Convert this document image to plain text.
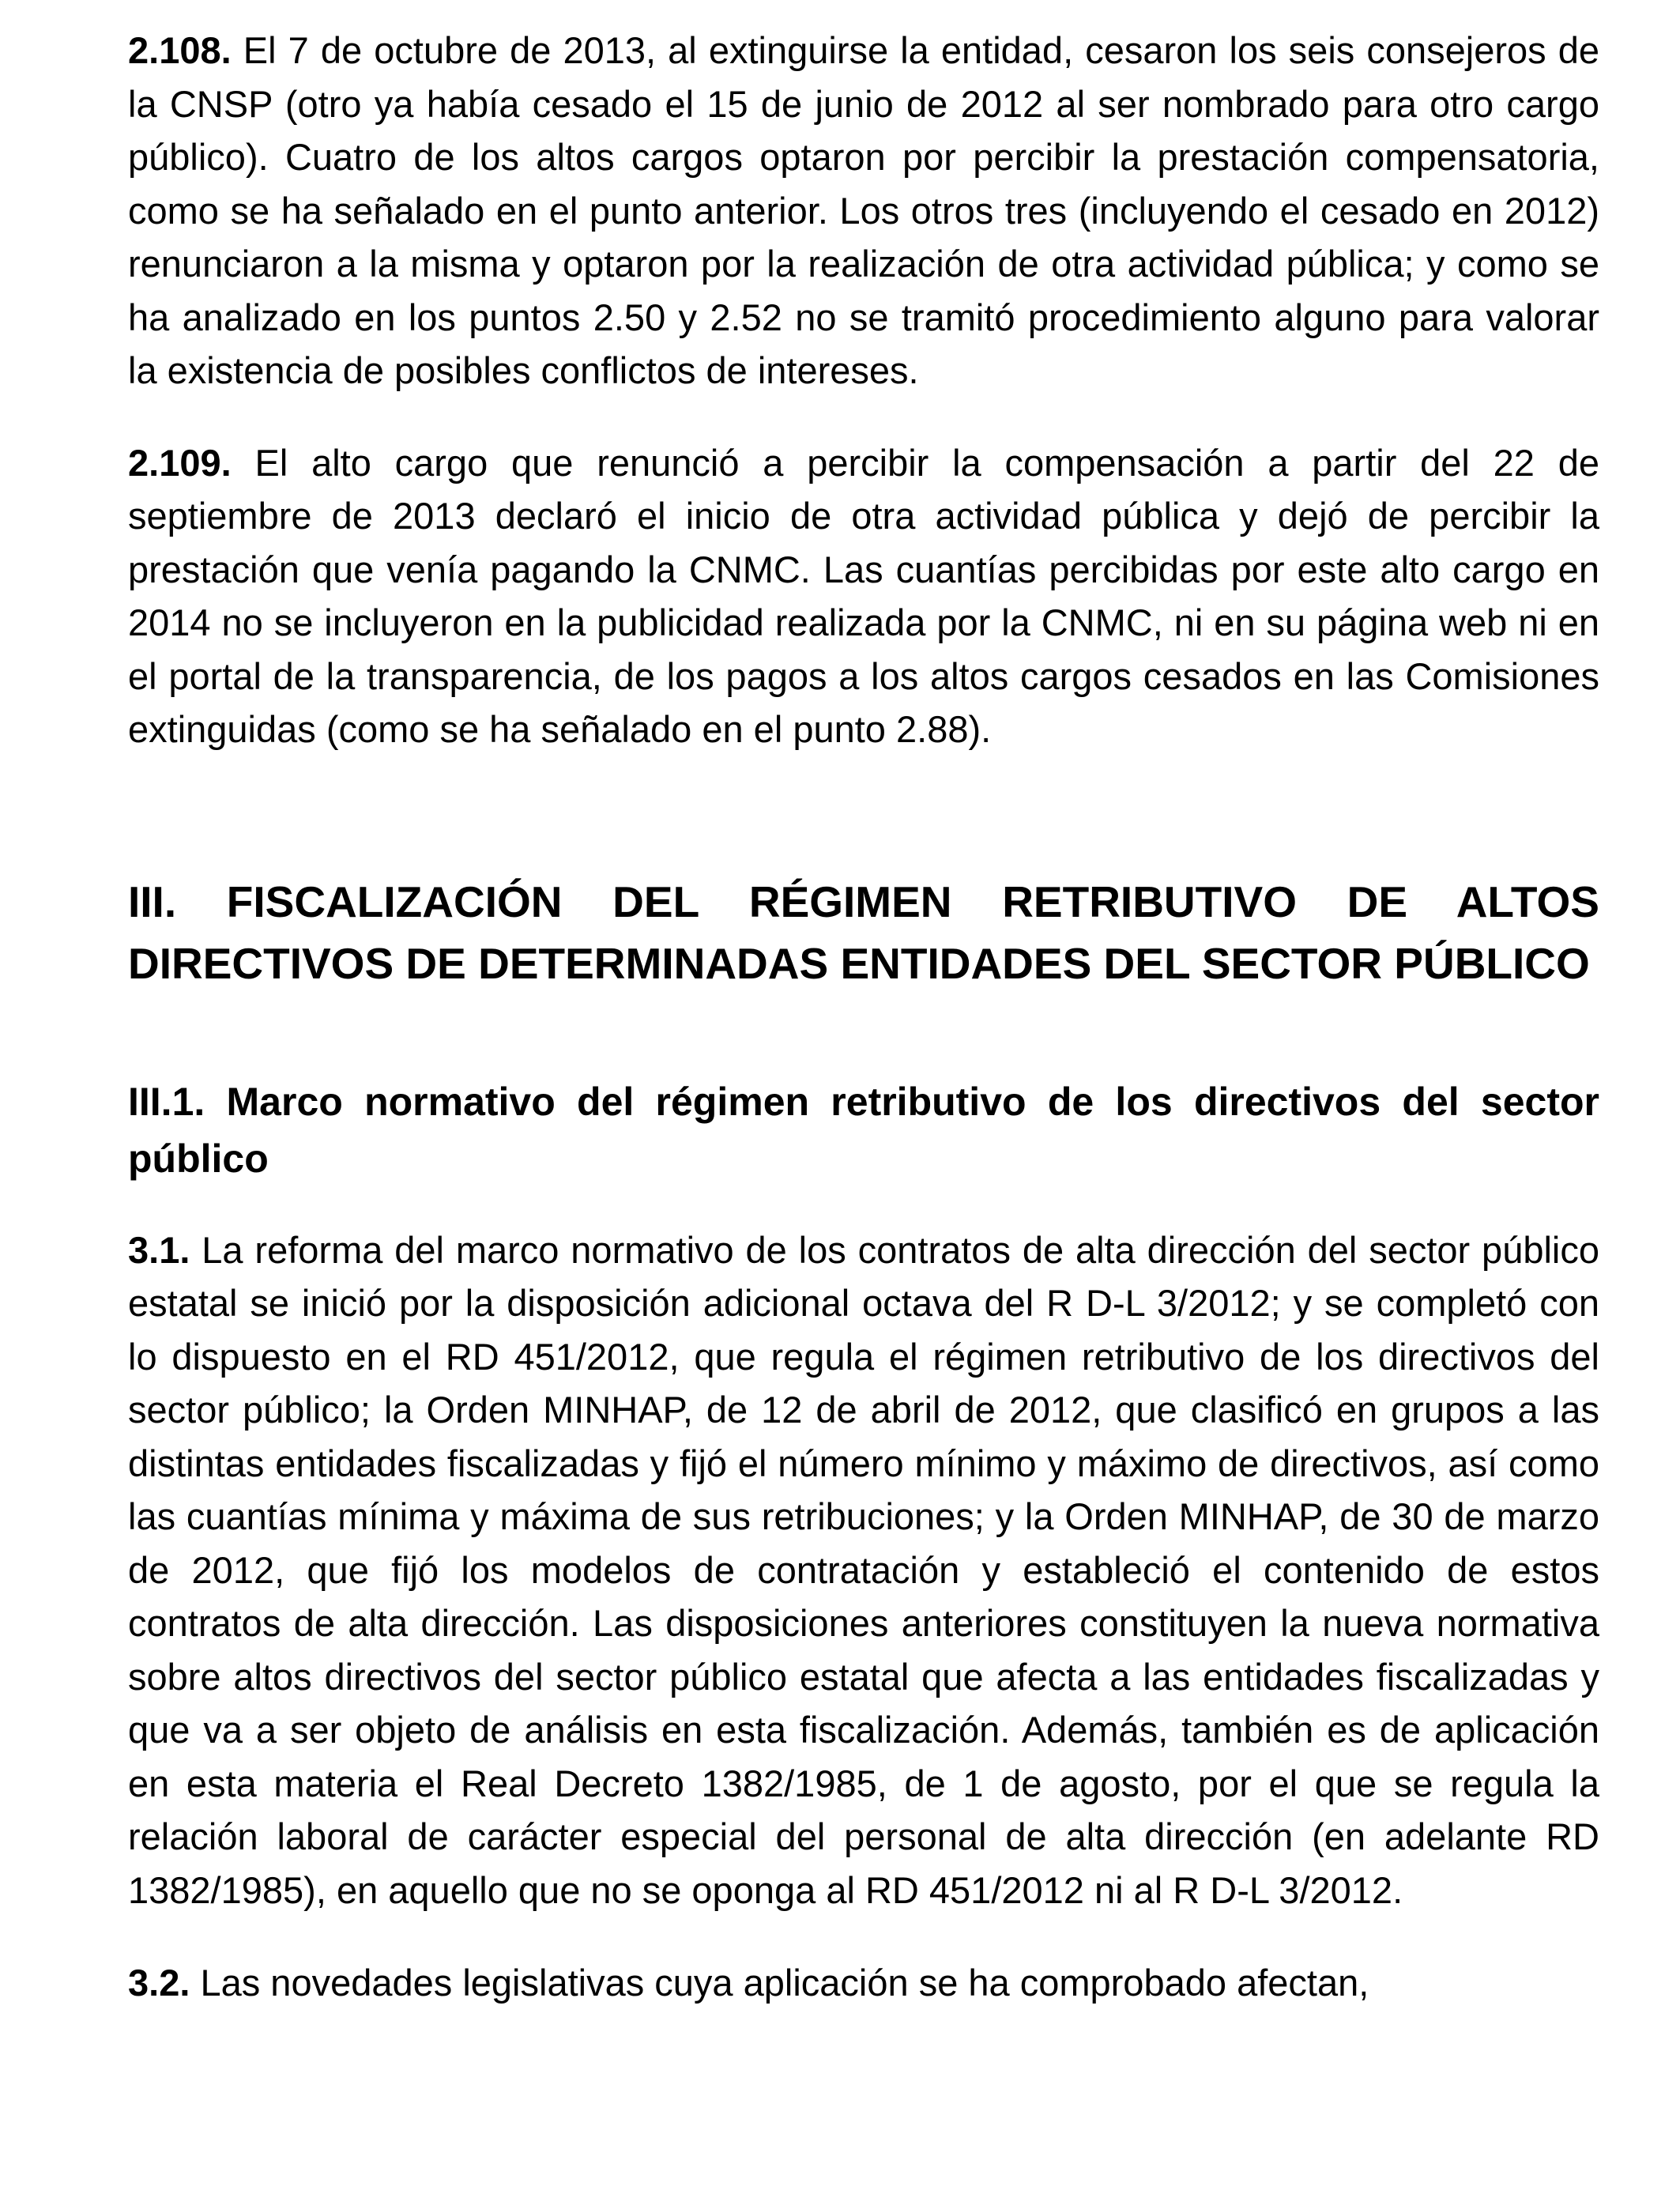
2.108. El 7 de octubre de 2013, al extinguirse la entidad, cesaron los seis consejeros de la CNSP (otro ya había cesado el 15 de junio de 2012 al ser nombrado para otro cargo público). Cuatro de los altos cargos optaron por percibir la prestación compensatoria, como se ha señalado en el punto anterior. Los otros tres (incluyendo el cesado en 2012) renunciaron a la misma y optaron por la realización de otra actividad pública; y como se ha analizado en los puntos 2.50 y 2.52 no se tramitó procedimiento alguno para valorar la existencia de posibles conflictos de intereses.

2.109. El alto cargo que renunció a percibir la compensación a partir del 22 de septiembre de 2013 declaró el inicio de otra actividad pública y dejó de percibir la prestación que venía pagando la CNMC. Las cuantías percibidas por este alto cargo en 2014 no se incluyeron en la publicidad realizada por la CNMC, ni en su página web ni en el portal de la transparencia, de los pagos a los altos cargos cesados en las Comisiones extinguidas (como se ha señalado en el punto 2.88).

III. FISCALIZACIÓN DEL RÉGIMEN RETRIBUTIVO DE ALTOS DIRECTIVOS DE DETERMINADAS ENTIDADES DEL SECTOR PÚBLICO
III.1. Marco normativo del régimen retributivo de los directivos del sector público

3.1. La reforma del marco normativo de los contratos de alta dirección del sector público estatal se inició por la disposición adicional octava del R D-L 3/2012; y se completó con lo dispuesto en el RD 451/2012, que regula el régimen retributivo de los directivos del sector público; la Orden MINHAP, de 12 de abril de 2012, que clasificó en grupos a las distintas entidades fiscalizadas y fijó el número mínimo y máximo de directivos, así como las cuantías mínima y máxima de sus retribuciones; y la Orden MINHAP, de 30 de marzo de 2012, que fijó los modelos de contratación y estableció el contenido de estos contratos de alta dirección. Las disposiciones anteriores constituyen la nueva normativa sobre altos directivos del sector público estatal que afecta a las entidades fiscalizadas y que va a ser objeto de análisis en esta fiscalización. Además, también es de aplicación en esta materia el Real Decreto 1382/1985, de 1 de agosto, por el que se regula la relación laboral de carácter especial del personal de alta dirección (en adelante RD 1382/1985), en aquello que no se oponga al RD 451/2012 ni al R D-L 3/2012.

3.2. Las novedades legislativas cuya aplicación se ha comprobado afectan,
